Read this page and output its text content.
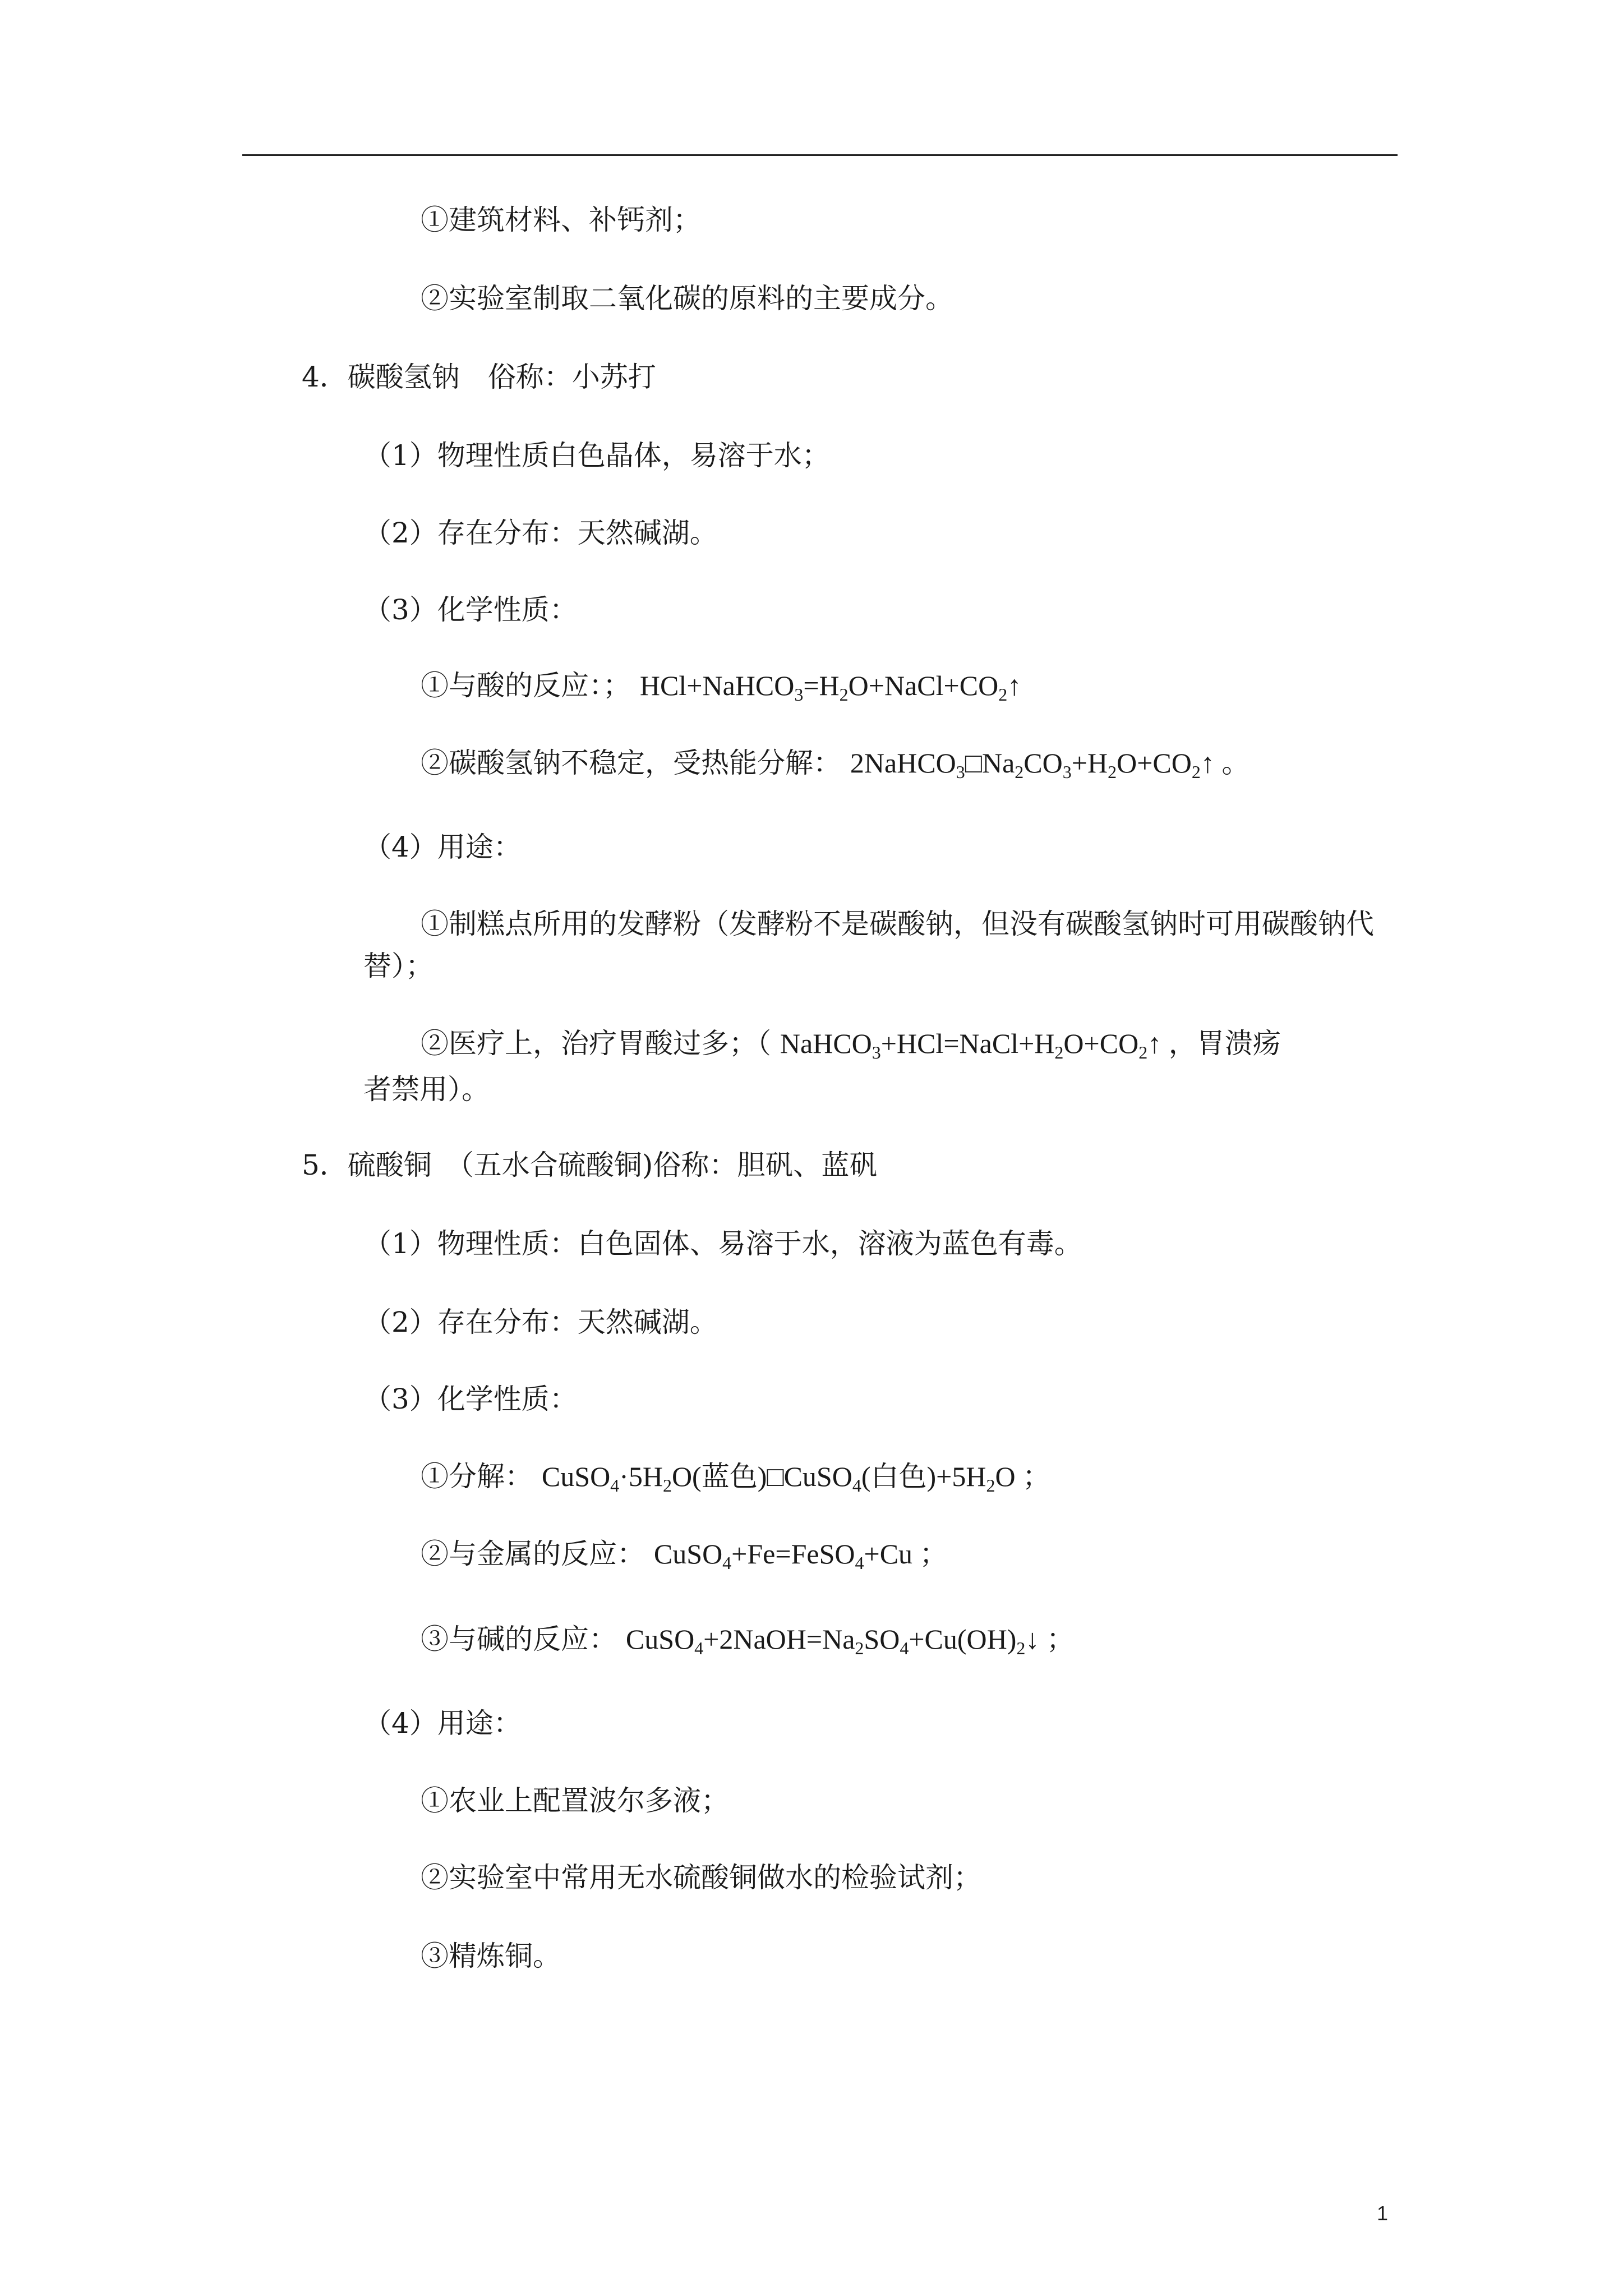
①建筑材料、补钙剂；
②实验室制取二氧化碳的原料的主要成分。
4．碳酸氢钠　俗称：小苏打
（1）物理性质白色晶体，易溶于水；
（2）存在分布：天然碱湖。
（3）化学性质：
①与酸的反应：； $HCl+NaHCO_3=H_2O+NaCl+CO_2↑$
②碳酸氢钠不稳定，受热能分解： $2NaHCO_3□Na_2CO_3+H_2O+CO_2↑$ 。
（4）用途：
①制糕点所用的发酵粉（发酵粉不是碳酸钠，但没有碳酸氢钠时可用碳酸钠代
替）；
②医疗上，治疗胃酸过多；（ $NaHCO_3+HCl=NaCl+H_2O+CO_2↑$ ，胃溃疡
者禁用）。
5．硫酸铜　（五水合硫酸铜)俗称：胆矾、蓝矾
（1）物理性质：白色固体、易溶于水，溶液为蓝色有毒。
（2）存在分布：天然碱湖。
（3）化学性质：
①分解： $CuSO_4\cdot 5H_2O$(蓝色)□CuSO$_4$(白色)$+5H_2O$ ；
②与金属的反应： CuSO$_4$+Fe=FeSO$_4$+Cu ；
③与碱的反应： $CuSO_4+2NaOH=Na_2SO_4+Cu(OH)_2↓$ ；
（4）用途：
①农业上配置波尔多液；
②实验室中常用无水硫酸铜做水的检验试剂；
③精炼铜。
1
